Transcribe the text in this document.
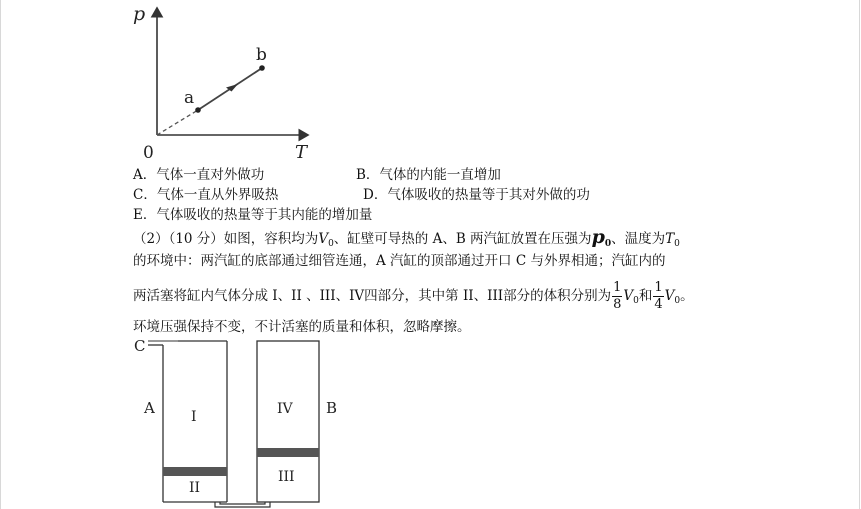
p
T
0
a
b
A．气体一直对外做功	B．气体的内能一直增加
C．气体一直从外界吸热	D．气体吸收的热量等于其对外做的功
E．气体吸收的热量等于其内能的增加量
（2）（10 分）如图，容积均为$V_0$、缸壁可导热的 A、B 两汽缸放置在压强为$p_0$、温度为$T_0$
的环境中：两汽缸的底部通过细管连通，A 汽缸的顶部通过开口 C 与外界相通；汽缸内的
两活塞将缸内气体分成 I、II 、III、IV四部分，其中第 II、III部分的体积分别为 $\frac{1}{8} V_0$和 $\frac{1}{4} V_0$。
环境压强保持不变，不计活塞的质量和体积，忽略摩擦。
C
A	B
I
II
III
IV
